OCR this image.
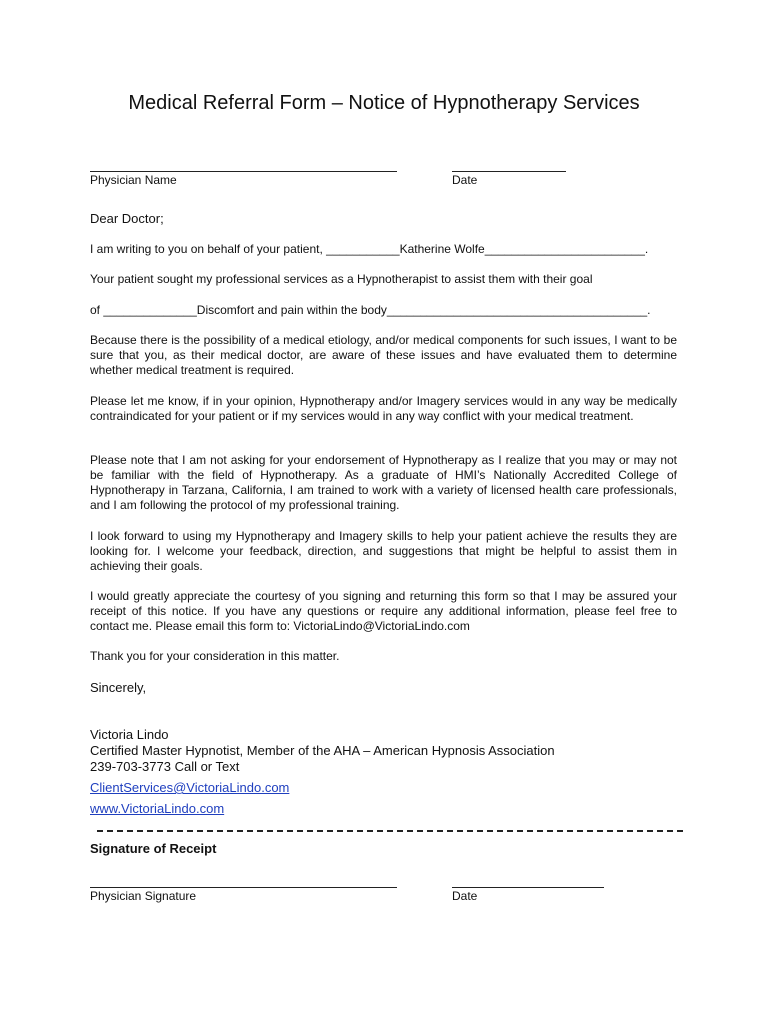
Medical Referral Form – Notice of Hypnotherapy Services
Physician Name	Date
Dear Doctor;
I am writing to you on behalf of your patient, ___________Katherine Wolfe________________________.
Your patient sought my professional services as a Hypnotherapist to assist them with their goal
of ______________Discomfort and pain within the body_______________________________________.
Because there is the possibility of a medical etiology, and/or medical components for such issues, I want to be sure that you, as their medical doctor, are aware of these issues and have evaluated them to determine whether medical treatment is required.
Please let me know, if in your opinion, Hypnotherapy and/or Imagery services would in any way be medically contraindicated for your patient or if my services would in any way conflict with your medical treatment.
Please note that I am not asking for your endorsement of Hypnotherapy as I realize that you may or may not be familiar with the field of Hypnotherapy. As a graduate of HMI’s Nationally Accredited College of Hypnotherapy in Tarzana, California, I am trained to work with a variety of licensed health care professionals, and I am following the protocol of my professional training.
I look forward to using my Hypnotherapy and Imagery skills to help your patient achieve the results they are looking for. I welcome your feedback, direction, and suggestions that might be helpful to assist them in achieving their goals.
I would greatly appreciate the courtesy of you signing and returning this form so that I may be assured your receipt of this notice. If you have any questions or require any additional information, please feel free to contact me. Please email this form to: VictoriaLindo@VictoriaLindo.com
Thank you for your consideration in this matter.
Sincerely,
Victoria Lindo
Certified Master Hypnotist, Member of the AHA – American Hypnosis Association
239-703-3773 Call or Text
ClientServices@VictoriaLindo.com
www.VictoriaLindo.com
Signature of Receipt
Physician Signature	Date
